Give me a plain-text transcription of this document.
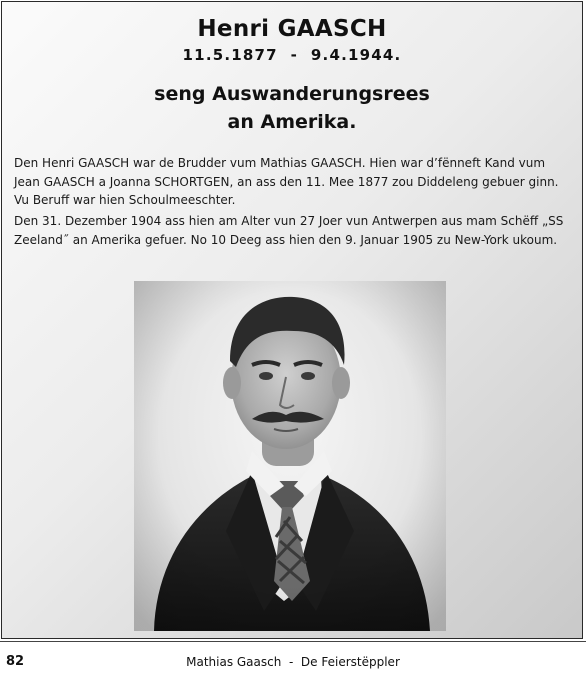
Henri GAASCH
11.5.1877  -  9.4.1944.
seng Auswanderungsrees
an Amerika.
Den Henri GAASCH war de Brudder vum Mathias GAASCH. Hien war d’fënneft Kand vum Jean GAASCH a Joanna SCHORTGEN, an ass den 11. Mee 1877 zou Diddeleng gebuer ginn. Vu Beruff war hien Schoulmeeschter.
Den 31. Dezember 1904 ass hien am Alter vun 27 Joer vun Antwerpen aus mam Schëff „SS Zeeland˝ an Amerika gefuer. No 10 Deeg ass hien den 9. Januar 1905 zu New-York ukoum.
82	Mathias Gaasch  -  De Feierstëppler
